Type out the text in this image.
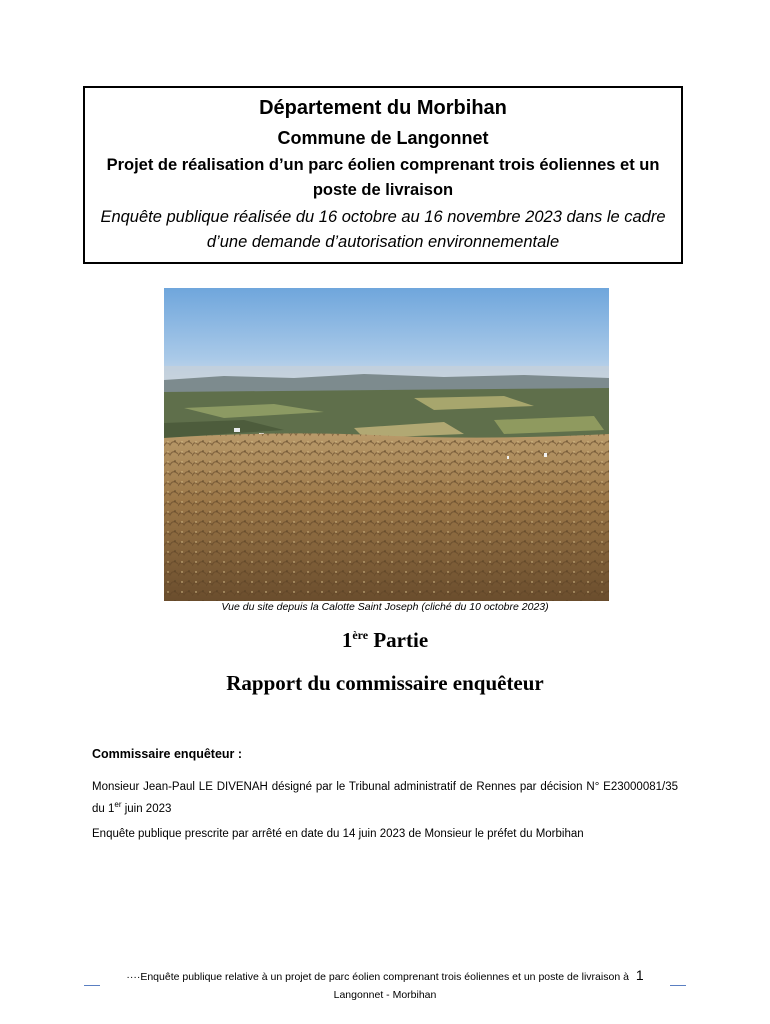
Département du Morbihan
Commune de Langonnet
Projet de réalisation d’un parc éolien comprenant trois éoliennes et un poste de livraison
Enquête publique réalisée du 16 octobre au 16 novembre 2023 dans le cadre d’une demande d’autorisation environnementale
Vue du site depuis la Calotte Saint Joseph (cliché du 10 octobre 2023)
1ère Partie
Rapport du commissaire enquêteur
Commissaire enquêteur :
Monsieur Jean-Paul LE DIVENAH désigné par le Tribunal administratif de Rennes par décision N° E23000081/35 du 1er juin 2023
Enquête publique prescrite par arrêté en date du 14 juin 2023 de Monsieur le préfet du Morbihan
····Enquête publique relative à un projet de parc éolien comprenant trois éoliennes et un poste de livraison à 1
Langonnet - Morbihan
